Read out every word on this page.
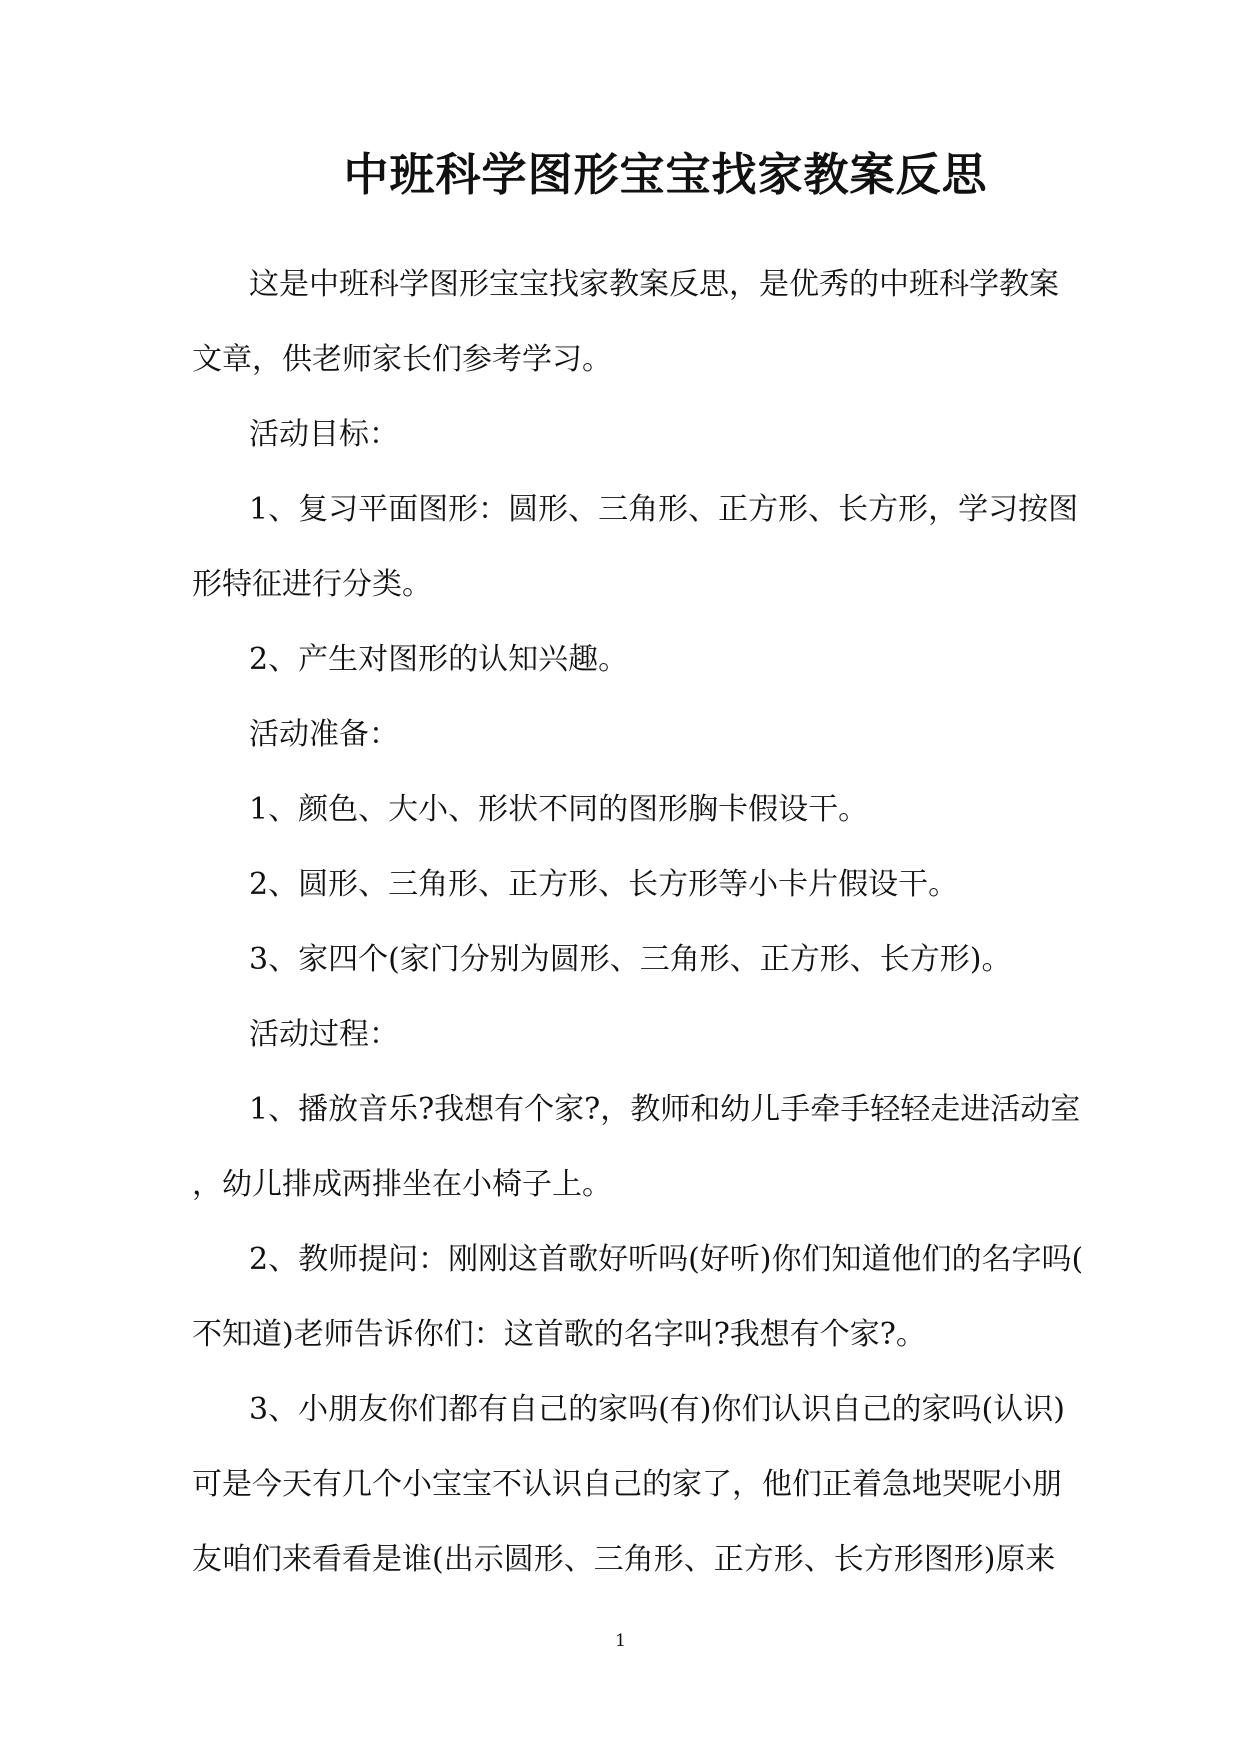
中班科学图形宝宝找家教案反思

这是中班科学图形宝宝找家教案反思，是优秀的中班科学教案

文章，供老师家长们参考学习。

活动目标：

1、复习平面图形：圆形、三角形、正方形、长方形，学习按图

形特征进行分类。

2、产生对图形的认知兴趣。

活动准备：

1、颜色、大小、形状不同的图形胸卡假设干。

2、圆形、三角形、正方形、长方形等小卡片假设干。

3、家四个(家门分别为圆形、三角形、正方形、长方形)。

活动过程：

1、播放音乐?我想有个家?，教师和幼儿手牵手轻轻走进活动室

，幼儿排成两排坐在小椅子上。

2、教师提问：刚刚这首歌好听吗(好听)你们知道他们的名字吗(

不知道)老师告诉你们：这首歌的名字叫?我想有个家?。

3、小朋友你们都有自己的家吗(有)你们认识自己的家吗(认识)

可是今天有几个小宝宝不认识自己的家了，他们正着急地哭呢小朋

友咱们来看看是谁(出示圆形、三角形、正方形、长方形图形)原来

1
